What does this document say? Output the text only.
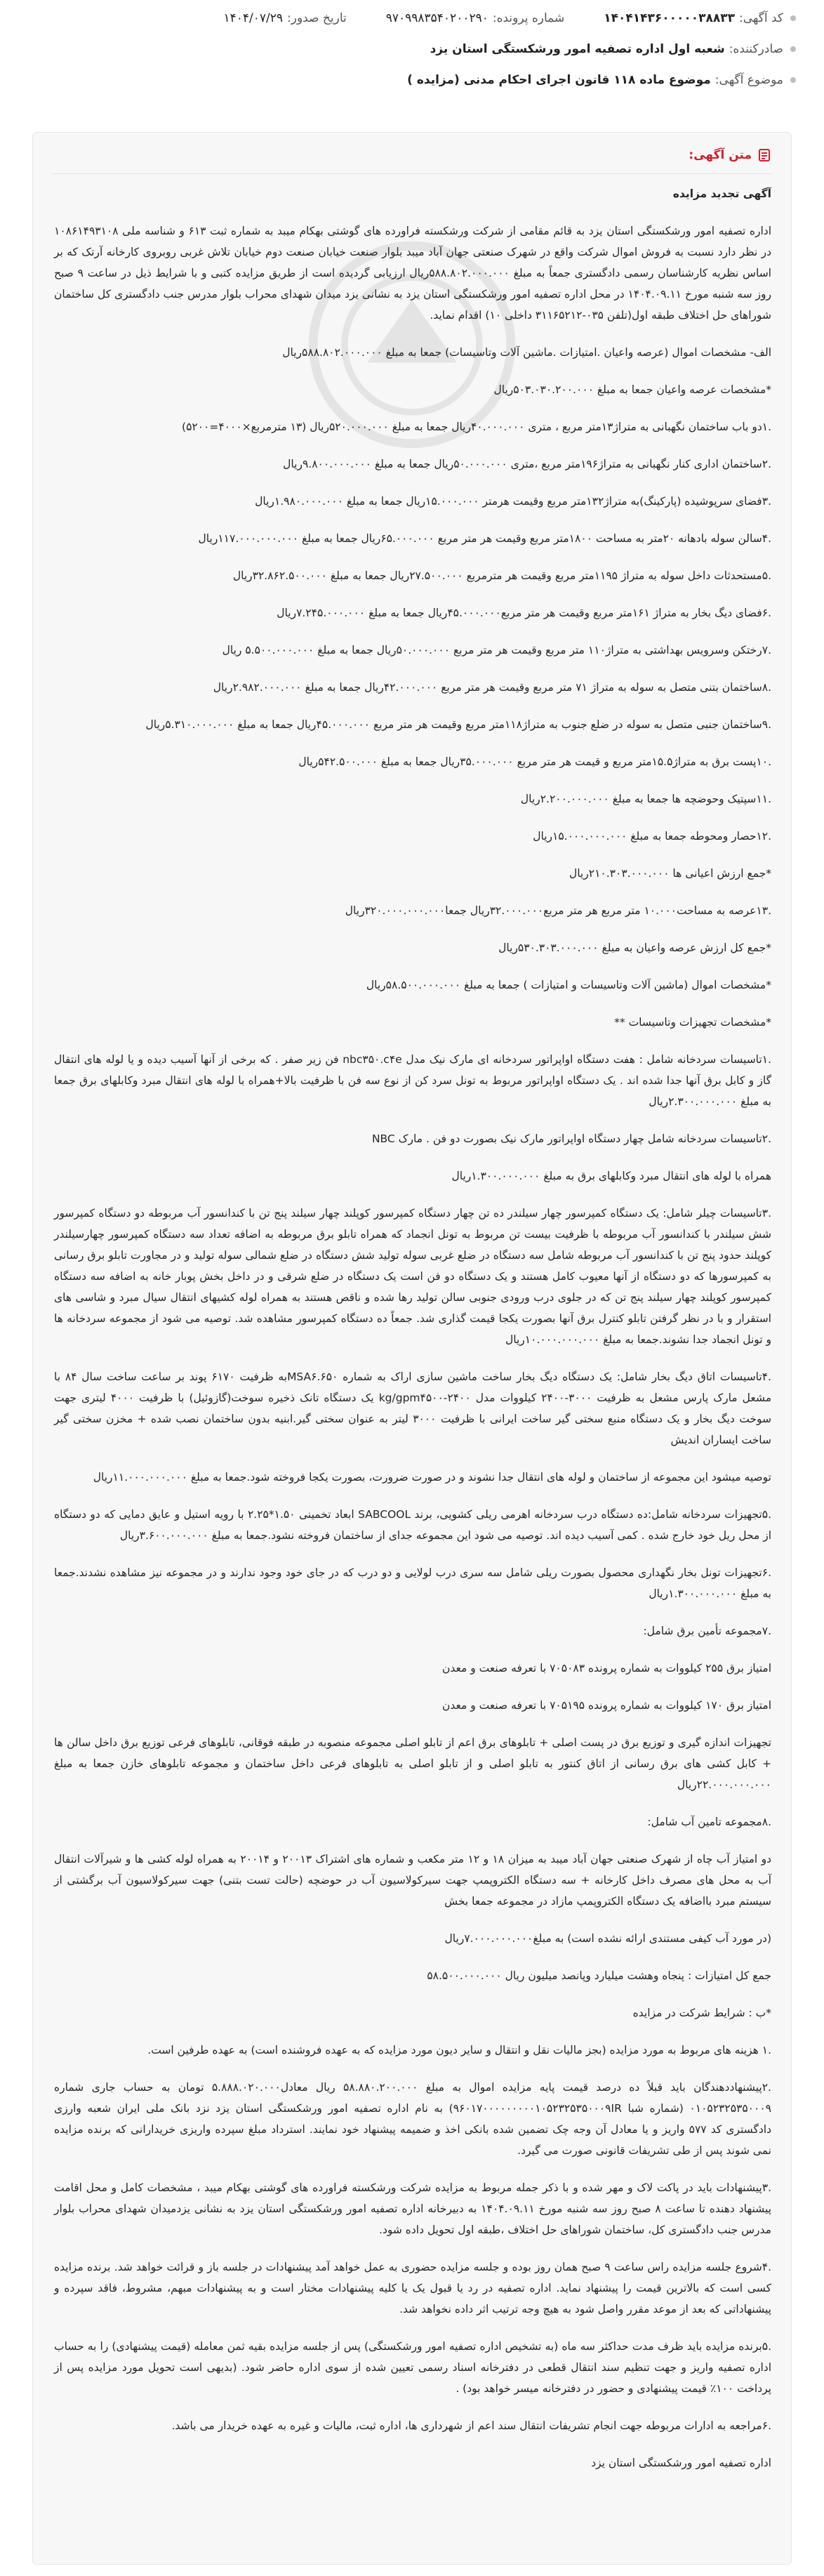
کد آگهی:
۱۴۰۴۱۴۳۶۰۰۰۰۰۳۸۸۳۳
شماره پرونده:
۹۷۰۹۹۸۳۵۴۰۲۰۰۲۹۰
تاریخ صدور:
۱۴۰۴/۰۷/۲۹
صادرکننده:
شعبه اول اداره تصفیه امور ورشکستگی استان یزد
موضوع آگهی:
موضوع ماده ۱۱۸ قانون اجرای احکام مدنی (مزایده )
متن آگهی:

آگهی تجدید مزایده

اداره تصفیه امور ورشکستگی استان یزد به قائم مقامی از شرکت ورشکسته فراورده های گوشتی بهکام میبد به شماره ثبت ۶۱۳ و شناسه ملی ۱۰۸۶۱۴۹۳۱۰۸ در نظر دارد نسبت به فروش اموال شرکت واقع در شهرک صنعتی جهان آباد میبد بلوار صنعت خیابان صنعت دوم خیابان تلاش غربی روبروی کارخانه آرتک که بر اساس نظریه کارشناسان رسمی دادگستری جمعاً به مبلغ ۵۸۸.۸۰۲.۰۰۰.۰۰۰ریال ارزیابی گردیده است از طریق مزایده کتبی و با شرایط ذیل در ساعت ۹ صبح روز سه شنبه مورخ ۱۴۰۴.۰۹.۱۱ در محل اداره تصفیه امور ورشکستگی استان یزد به نشانی یزد میدان شهدای محراب بلوار مدرس جنب دادگستری کل ساختمان شوراهای حل اختلاف طبقه اول(تلفن ۰۳۵-۳۱۱۶۵۲۱۲ داخلی ۱۰) اقدام نماید.

الف- مشخصات اموال (عرصه واعیان .امتیازات .ماشین آلات وتاسیسات) جمعا به مبلغ ۵۸۸.۸۰۲.۰۰۰.۰۰۰ریال

*مشخصات عرصه واعیان جمعا به مبلغ ۵۰۳.۰۳۰.۲۰۰.۰۰۰ریال

.۱دو باب ساختمان نگهبانی به متراژ۱۳متر مربع ، متری ۴۰.۰۰۰.۰۰۰ریال جمعا به مبلغ ۵۲۰.۰۰۰.۰۰۰ریال (۱۳ مترمربع×۴۰۰۰=۵۲۰۰)

.۲ساختمان اداری کنار نگهبانی به متراژ۱۹۶متر مربع ،متری ۵۰.۰۰۰.۰۰۰ریال جمعا به مبلغ ۹.۸۰۰.۰۰۰.۰۰۰ریال

.۳فضای سرپوشیده (پارکینگ)به متراژ۱۳۲متر مربع وقیمت هرمتر ۱۵.۰۰۰.۰۰۰ریال جمعا به مبلغ ۱.۹۸۰.۰۰۰.۰۰۰ریال

.۴سالن سوله بادهانه ۲۰متر به مساحت ۱۸۰۰متر مربع وقیمت هر متر مربع ۶۵.۰۰۰.۰۰۰ریال جمعا به مبلغ ۱۱۷.۰۰۰.۰۰۰.۰۰۰ریال

.۵مستحدثات داخل سوله به متراژ ۱۱۹۵متر مربع وقیمت هر مترمربع ۲۷.۵۰۰.۰۰۰ریال جمعا به مبلغ ۳۲.۸۶۲.۵۰۰.۰۰۰ریال

.۶فضای دیگ بخار به متراژ ۱۶۱متر مربع وقیمت هر متر مربع۴۵.۰۰۰.۰۰۰ریال جمعا به مبلغ ۷.۲۴۵.۰۰۰.۰۰۰ریال

.۷رختکن وسرویس بهداشتی به متراژ۱۱۰ متر مربع وقیمت هر متر مربع ۵۰.۰۰۰.۰۰۰ریال جمعا به مبلغ ۵.۵۰۰.۰۰۰.۰۰۰ ریال

.۸ساختمان بتنی متصل به سوله به متراژ ۷۱ متر مربع وقیمت هر متر مربع ۴۲.۰۰۰.۰۰۰ریال جمعا به مبلغ ۲.۹۸۲.۰۰۰.۰۰۰ریال

.۹ساختمان جنبی متصل به سوله در ضلع جنوب به متراژ۱۱۸متر مربع وقیمت هر متر مربع ۴۵.۰۰۰.۰۰۰ریال جمعا به مبلغ ۵.۳۱۰.۰۰۰.۰۰۰ریال

.۱۰پست برق به متراژ۱۵.۵متر مربع و قیمت هر متر مربع ۳۵.۰۰۰.۰۰۰ریال جمعا به مبلغ ۵۴۲.۵۰۰.۰۰۰ریال

.۱۱سپتیک وحوضچه ها جمعا به مبلغ ۲.۲۰۰.۰۰۰.۰۰۰ریال

.۱۲حصار ومحوطه جمعا به مبلغ ۱۵.۰۰۰.۰۰۰.۰۰۰ریال

*جمع ارزش اعیانی ها ۲۱۰.۳۰۳.۰۰۰.۰۰۰ریال

.۱۳عرصه به مساحت۱۰.۰۰۰ متر مربع هر متر مربع۳۲.۰۰۰.۰۰۰ریال جمعا۳۲۰.۰۰۰.۰۰۰.۰۰۰ریال

*جمع کل ارزش عرصه واعیان به مبلغ ۵۳۰.۳۰۳.۰۰۰.۰۰۰ریال

*مشخصات اموال (ماشین آلات وتاسیسات و امتیازات ) جمعا به مبلغ ۵۸.۵۰۰.۰۰۰.۰۰۰ریال

*مشخصات تجهیزات وتاسیسات **

.۱تاسیسات سردخانه شامل : هفت دستگاه اواپراتور سردخانه ای مارک نیک مدل nbc۳۵۰.c۴e فن زیر صفر . که برخی از آنها آسیب دیده و یا لوله های انتقال گاز و کابل برق آنها جدا شده اند . یک دستگاه اواپراتور مربوط به تونل سرد کن از نوع سه فن با ظرفیت بالا+همراه با لوله های انتقال مبرد وکابلهای برق جمعا به مبلغ ۲.۳۰۰.۰۰۰.۰۰۰ریال

.۲تاسیسات سردخانه شامل چهار دستگاه اواپراتور مارک نیک بصورت دو فن . مارک NBC

همراه با لوله های انتقال مبرد وکابلهای برق به مبلغ ۱.۳۰۰.۰۰۰.۰۰۰ریال

.۳تاسیسات چیلر شامل: یک دستگاه کمپرسور چهار سیلندر ده تن چهار دستگاه کمپرسور کوپلند چهار سیلند پنج تن با کندانسور آب مربوطه دو دستگاه کمپرسور شش سیلندر با کندانسور آب مربوطه با ظرفیت بیست تن مربوط به تونل انجماد که همراه تابلو برق مربوطه به اضافه تعداد سه دستگاه کمپرسور چهارسیلندر کوپلند حدود پنج تن با کندانسور آب مربوطه شامل سه دستگاه در ضلع غربی سوله تولید شش دستگاه در ضلع شمالی سوله تولید و در مجاورت تابلو برق رسانی به کمپرسورها که دو دستگاه از آنها معیوب کامل هستند و یک دستگاه دو فن است یک دستگاه در ضلع شرقی و در داخل بخش پوبار خانه به اضافه سه دستگاه کمپرسور کوپلند چهار سیلند پنج تن که در جلوی درب ورودی جنوبی سالن تولید رها شده و ناقص هستند به همراه لوله کشیهای انتقال سیال مبرد و شاسی های استقرار و با در نظر گرفتن تابلو کنترل برق آنها بصورت یکجا قیمت گذاری شد. جمعاً ده دستگاه کمپرسور مشاهده شد. توصیه می شود از مجموعه سردخانه ها و تونل انجماد جدا نشوند.جمعا به مبلغ ۱۰.۰۰۰.۰۰۰.۰۰۰ریال

.۴تاسیسات اتاق دیگ بخار شامل: یک دستگاه دیگ بخار ساخت ماشین سازی اراک به شماره MSA۶.۶۵۰به ظرفیت ۶۱۷۰ پوند بر ساعت ساخت سال ۸۴ با مشعل مارک پارس مشعل به ظرفیت ۳۰۰۰-۲۴۰۰ کیلووات مدل kg/gpm۴۵۰۰-۲۴۰۰ یک دستگاه تانک ذخیره سوخت(گازوئیل) با ظرفیت ۴۰۰۰ لیتری جهت سوخت دیگ بخار و یک دستگاه منبع سختی گیر ساخت ایرانی با ظرفیت ۳۰۰۰ لیتر به عنوان سختی گیر.ابنیه بدون ساختمان نصب شده + مخزن سختی گیر ساخت ایساران اندیش

توصیه میشود این مجموعه از ساختمان و لوله های انتقال جدا نشوند و در صورت ضرورت، بصورت یکجا فروخته شود.جمعا به مبلغ ۱۱.۰۰۰.۰۰۰.۰۰۰ریال

.۵تجهیزات سردخانه شامل:ده دستگاه درب سردخانه اهرمی ریلی کشویی، برند SABCOOL ابعاد تخمینی ۱.۵۰*۲.۲۵ با رویه استیل و عایق دمایی که دو دستگاه از محل ریل خود خارج شده . کمی آسیب دیده اند. توصیه می شود این مجموعه جدای از ساختمان فروخته نشود.جمعا به مبلغ ۳.۶۰۰.۰۰۰.۰۰۰ریال

.۶تجهیزات تونل بخار نگهداری محصول بصورت ریلی شامل سه سری درب لولایی و دو درب که در جای خود وجود ندارند و در مجموعه نیز مشاهده نشدند.جمعا به مبلغ ۱.۳۰۰.۰۰۰.۰۰۰ریال

.۷مجموعه تأمین برق شامل:

امتیاز برق ۲۵۵ کیلووات به شماره پرونده ۷۰۵۰۸۳ با تعرفه صنعت و معدن

امتیاز برق ۱۷۰ کیلووات به شماره پرونده ۷۰۵۱۹۵ با تعرفه صنعت و معدن

تجهیزات اندازه گیری و توزیع برق در پست اصلی + تابلوهای برق اعم از تابلو اصلی مجموعه منصوبه در طبقه فوقانی، تابلوهای فرعی توزیع برق داخل سالن ها + کابل کشی های برق رسانی از اتاق کنتور به تابلو اصلی و از تابلو اصلی به تابلوهای فرعی داخل ساختمان و مجموعه تابلوهای خازن جمعا به مبلغ ۲۲.۰۰۰.۰۰۰.۰۰۰ریال

.۸مجموعه تامین آب شامل:

دو امتیاز آب چاه از شهرک صنعتی جهان آباد میبد به میزان ۱۸ و ۱۲ متر مکعب و شماره های اشتراک ۲۰۰۱۳ و ۲۰۰۱۴ به همراه لوله کشی ها و شیرآلات انتقال آب به محل های مصرف داخل کارخانه + سه دستگاه الکتروپمپ جهت سیرکولاسیون آب در حوضچه (حالت تست بتنی) جهت سیرکولاسیون آب برگشتی از سیستم مبرد بااضافه یک دستگاه الکتروپمپ مازاد در مجموعه جمعا بخش

(در مورد آب کیفی مستندی ارائه نشده است) به مبلغ۷.۰۰۰.۰۰۰.۰۰۰ریال

جمع کل امتیازات : پنجاه وهشت میلیارد وپانصد میلیون ریال ۵۸.۵۰۰.۰۰۰.۰۰۰

*ب : شرایط شرکت در مزایده

.۱ هزینه های مربوط به مورد مزایده (بجز مالیات نقل و انتقال و سایر دیون مورد مزایده که به عهده فروشنده است) به عهده طرفین است.

.۲پیشنهاددهندگان باید قبلاً ده درصد قیمت پایه مزایده اموال به مبلغ ۵۸.۸۸۰.۲۰۰.۰۰۰ ریال معادل۵.۸۸۸.۰۲۰.۰۰۰ تومان به حساب جاری شماره ۰۱۰۵۲۳۲۵۳۵۰۰۰۹ (شماره شبا ۹۶۰۱۷۰۰۰۰۰۰۰۰۰۱۰۵۲۳۲۵۳۵۰۰۰۹IR) به نام اداره تصفیه امور ورشکستگی استان یزد نزد بانک ملی ایران شعبه وارزی دادگستری کد ۵۷۷ واریز و یا معادل آن وجه چک تضمین شده بانکی اخذ و ضمیمه پیشنهاد خود نمایند. استرداد مبلغ سپرده واریزی خریدارانی که برنده مزایده نمی شوند پس از طی تشریفات قانونی صورت می گیرد.

.۳پیشنهادات باید در پاکت لاک و مهر شده و با ذکر جمله مربوط به مزایده شرکت ورشکسته فراورده های گوشتی بهکام میبد ، مشخصات کامل و محل اقامت پیشنهاد دهنده تا ساعت ۸ صبح روز سه شنبه مورخ ۱۴۰۴.۰۹.۱۱ به دبیرخانه اداره تصفیه امور ورشکستگی استان یزد به نشانی یزدمیدان شهدای محراب بلوار مدرس جنب دادگستری کل، ساختمان شوراهای حل اختلاف ،طبقه اول تحویل داده شود.

.۴شروع جلسه مزایده راس ساعت ۹ صبح همان روز بوده و جلسه مزایده حضوری به عمل خواهد آمد پیشنهادات در جلسه باز و قرائت خواهد شد. برنده مزایده کسی است که بالاترین قیمت را پیشنهاد نماید. اداره تصفیه در رد یا قبول یک یا کلیه پیشنهادات مختار است و به پیشنهادات مبهم، مشروط، فاقد سپرده و پیشنهاداتی که بعد از موعد مقرر واصل شود به هیچ وجه ترتیب اثر داده نخواهد شد.

.۵برنده مزایده باید ظرف مدت حداکثر سه ماه (به تشخیص اداره تصفیه امور ورشکستگی) پس از جلسه مزایده بقیه ثمن معامله (قیمت پیشنهادی) را به حساب اداره تصفیه واریز و جهت تنظیم سند انتقال قطعی در دفترخانه اسناد رسمی تعیین شده از سوی اداره حاضر شود. (بدیهی است تحویل مورد مزایده پس از پرداخت ۱۰۰٪ قیمت پیشنهادی و حضور در دفترخانه میسر خواهد بود) .

.۶مراجعه به ادارات مربوطه جهت انجام تشریفات انتقال سند اعم از شهرداری ها، اداره ثبت، مالیات و غیره به عهده خریدار می باشد.

اداره تصفیه امور ورشکستگی استان یزد
